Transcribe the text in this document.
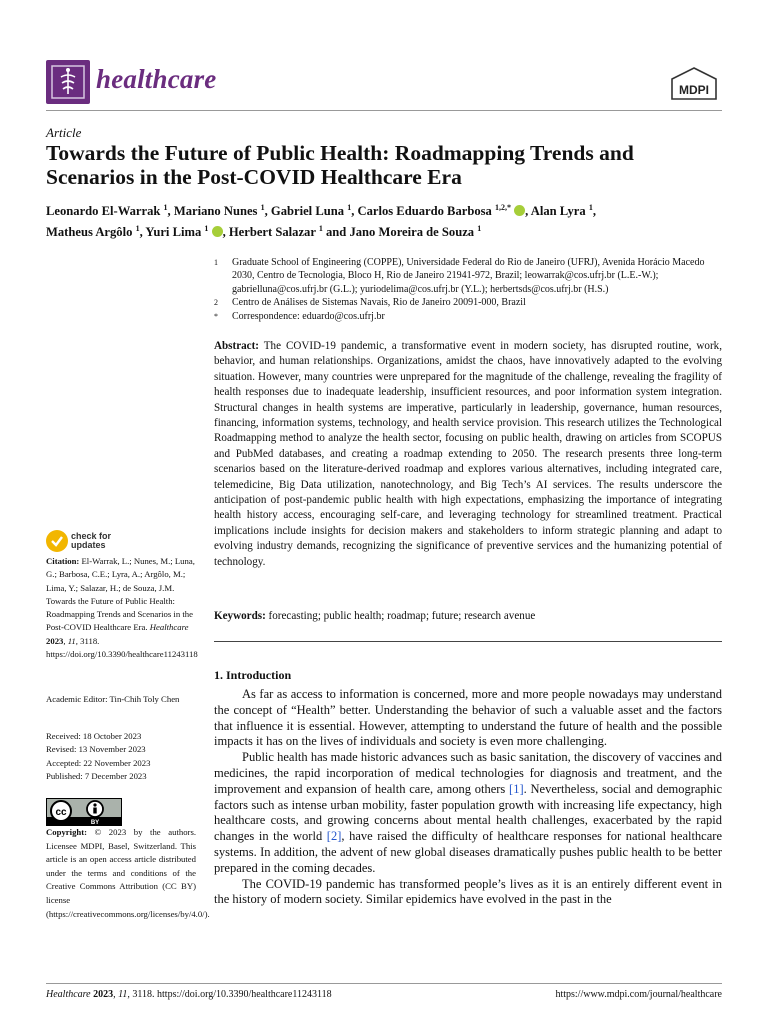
healthcare	MDPI
Article
Towards the Future of Public Health: Roadmapping Trends and Scenarios in the Post-COVID Healthcare Era
Leonardo El-Warrak $^1$, Mariano Nunes $^1$, Gabriel Luna $^1$, Carlos Eduardo Barbosa $^{1,2,*}$ , Alan Lyra $^1$,
Matheus Argôlo $^1$, Yuri Lima $^1$ , Herbert Salazar $^1$ and Jano Moreira de Souza $^1$
1	Graduate School of Engineering (COPPE), Universidade Federal do Rio de Janeiro (UFRJ), Avenida Horácio Macedo 2030, Centro de Tecnologia, Bloco H, Rio de Janeiro 21941-972, Brazil; leowarrak@cos.ufrj.br (L.E.-W.); gabrielluna@cos.ufrj.br (G.L.); yuriodelima@cos.ufrj.br (Y.L.); herbertsds@cos.ufrj.br (H.S.)
2	Centro de Análises de Sistemas Navais, Rio de Janeiro 20091-000, Brazil
*	Correspondence: eduardo@cos.ufrj.br
Abstract: The COVID-19 pandemic, a transformative event in modern society, has disrupted routine, work, behavior, and human relationships. Organizations, amidst the chaos, have innovatively adapted to the evolving situation. However, many countries were unprepared for the magnitude of the challenge, revealing the fragility of health responses due to inadequate leadership, insufficient resources, and poor information system integration. Structural changes in health systems are imperative, particularly in leadership, governance, human resources, financing, information systems, technology, and health service provision. This research utilizes the Technological Roadmapping method to analyze the health sector, focusing on public health, drawing on articles from SCOPUS and PubMed databases, and creating a roadmap extending to 2050. The research presents three long-term scenarios based on the literature-derived roadmap and explores various alternatives, including integrated care, telemedicine, Big Data utilization, nanotechnology, and Big Tech’s AI services. The results underscore the anticipation of post-pandemic public health with high expectations, emphasizing the importance of integrating health history access, encouraging self-care, and leveraging technology for streamlined treatment. Practical implications include insights for decision makers and stakeholders to inform strategic planning and adapt to evolving industry demands, recognizing the significance of preventive services and the humanizing potential of technology.
Keywords: forecasting; public health; roadmap; future; research avenue
1. Introduction

As far as access to information is concerned, more and more people nowadays may understand the concept of “Health” better. Understanding the behavior of such a valuable asset and the factors that influence it is essential. However, attempting to understand the future of health and the possible impacts it has on the lives of individuals and society is even more challenging.

Public health has made historic advances such as basic sanitation, the discovery of vaccines and medicines, the rapid incorporation of medical technologies for diagnosis and treatment, and the improvement and expansion of health care, among others [1]. Nevertheless, social and demographic factors such as intense urban mobility, faster population growth with increasing life expectancy, high healthcare costs, and growing concerns about mental health challenges, exacerbated by the rapid changes in the world [2], have raised the difficulty of healthcare responses for national healthcare systems. In addition, the advent of new global diseases dramatically pushes public health to be better prepared in the coming decades.

The COVID-19 pandemic has transformed people’s lives as it is an entirely different event in the history of modern society. Similar epidemics have evolved in the past in the

check for
updates
Citation: El-Warrak, L.; Nunes, M.; Luna, G.; Barbosa, C.E.; Lyra, A.; Argôlo, M.; Lima, Y.; Salazar, H.; de Souza, J.M. Towards the Future of Public Health: Roadmapping Trends and Scenarios in the Post-COVID Healthcare Era. Healthcare 2023, 11, 3118. https://doi.org/10.3390/healthcare11243118
Academic Editor: Tin-Chih Toly Chen
Received: 18 October 2023
Revised: 13 November 2023
Accepted: 22 November 2023
Published: 7 December 2023
cc
BY
Copyright: © 2023 by the authors. Licensee MDPI, Basel, Switzerland. This article is an open access article distributed under the terms and conditions of the Creative Commons Attribution (CC BY) license (https://creativecommons.org/licenses/by/4.0/).
Healthcare 2023, 11, 3118. https://doi.org/10.3390/healthcare11243118	https://www.mdpi.com/journal/healthcare
